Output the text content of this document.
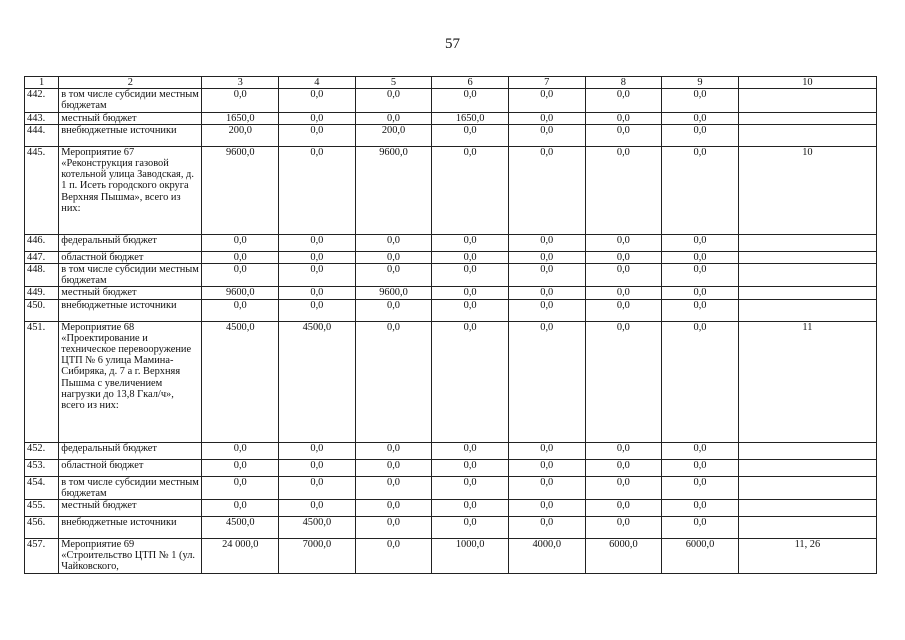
57
1	2	3	4	5	6	7	8	9	10
442.	в том числе субсидии местным бюджетам	0,0	0,0	0,0	0,0	0,0	0,0	0,0	
443.	местный бюджет	1650,0	0,0	0,0	1650,0	0,0	0,0	0,0	
444.	внебюджетные источники	200,0	0,0	200,0	0,0	0,0	0,0	0,0	
445.	Мероприятие 67 «Реконструкция газовой котельной улица Заводская, д. 1 п. Исеть городского округа Верхняя Пышма», всего из них:	9600,0	0,0	9600,0	0,0	0,0	0,0	0,0	10
446.	федеральный бюджет	0,0	0,0	0,0	0,0	0,0	0,0	0,0	
447.	областной бюджет	0,0	0,0	0,0	0,0	0,0	0,0	0,0	
448.	в том числе субсидии местным бюджетам	0,0	0,0	0,0	0,0	0,0	0,0	0,0	
449.	местный бюджет	9600,0	0,0	9600,0	0,0	0,0	0,0	0,0	
450.	внебюджетные источники	0,0	0,0	0,0	0,0	0,0	0,0	0,0	
451.	Мероприятие 68 «Проектирование и техническое перевооружение ЦТП № 6 улица Мамина-Сибиряка, д. 7 а г. Верхняя Пышма с увеличением нагрузки до 13,8 Гкал/ч», всего из них:	4500,0	4500,0	0,0	0,0	0,0	0,0	0,0	11
452.	федеральный бюджет	0,0	0,0	0,0	0,0	0,0	0,0	0,0	
453.	областной бюджет	0,0	0,0	0,0	0,0	0,0	0,0	0,0	
454.	в том числе субсидии местным бюджетам	0,0	0,0	0,0	0,0	0,0	0,0	0,0	
455.	местный бюджет	0,0	0,0	0,0	0,0	0,0	0,0	0,0	
456.	внебюджетные источники	4500,0	4500,0	0,0	0,0	0,0	0,0	0,0	
457.	Мероприятие 69 «Строительство ЦТП № 1 (ул. Чайковского,	24 000,0	7000,0	0,0	1000,0	4000,0	6000,0	6000,0	11, 26
